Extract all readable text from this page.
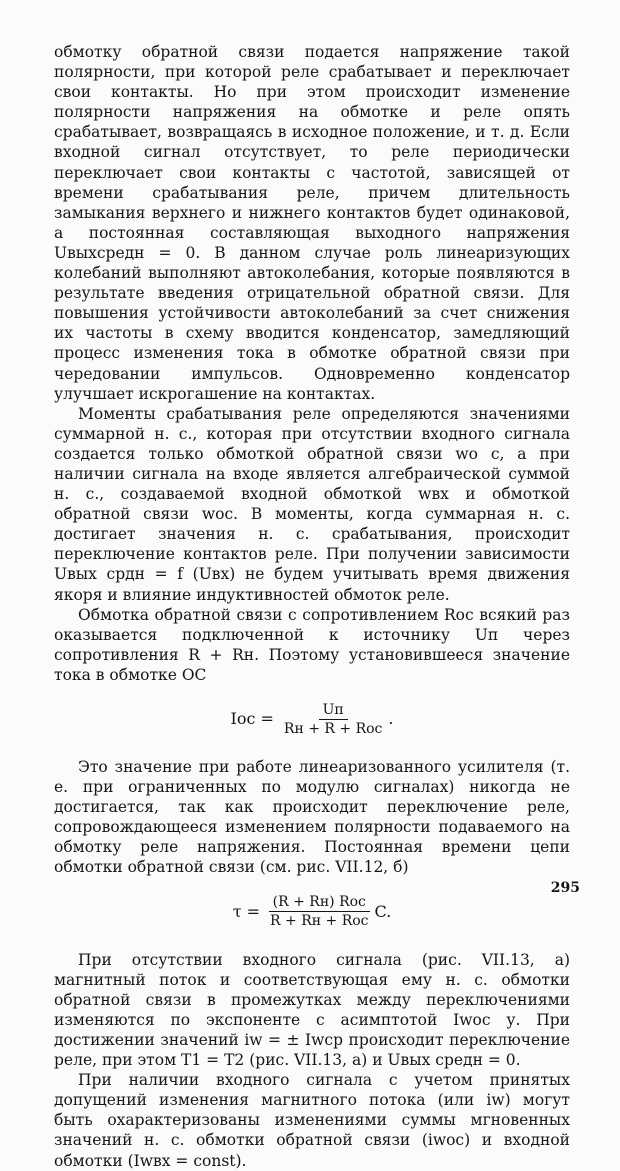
обмотку обратной связи подается напряжение такой полярности, при которой реле срабатывает и переключает свои контакты. Но при этом происходит изменение полярности напряжения на обмотке и реле опять срабатывает, возвращаясь в исходное положение, и т. д. Если входной сигнал отсутствует, то реле периодически переключает свои контакты с частотой, зависящей от времени срабатывания реле, причем длительность замыкания верхнего и нижнего контактов будет одинаковой, а постоянная составляющая выходного напряжения Uвыхсредн = 0. В данном случае роль линеаризующих колебаний выполняют автоколебания, которые появляются в результате введения отрицательной обратной связи. Для повышения устойчивости автоколебаний за счет снижения их частоты в схему вводится конденсатор, замедляющий процесс изменения тока в обмотке обратной связи при чередовании импульсов. Одновременно конденсатор улучшает искрогашение на контактах.

Моменты срабатывания реле определяются значениями суммарной н. с., которая при отсутствии входного сигнала создается только обмоткой обратной связи wо с, а при наличии сигнала на входе является алгебраической суммой н. с., создаваемой входной обмоткой wвх и обмоткой обратной связи wос. В моменты, когда суммарная н. с. достигает значения н. с. срабатывания, происходит переключение контактов реле. При получении зависимости Uвых срдн = f (Uвх) не будем учитывать время движения якоря и влияние индуктивностей обмоток реле.

Обмотка обратной связи с сопротивлением Rос всякий раз оказывается подключенной к источнику Uп через сопротивления R + Rн. Поэтому установившееся значение тока в обмотке ОС

Iос = $\frac{Uп}{\text{Rн + R + Rос}}$ .

Это значение при работе линеаризованного усилителя (т. е. при ограниченных по модулю сигналах) никогда не достигается, так как происходит переключение реле, сопровождающееся изменением полярности подаваемого на обмотку реле напряжения. Постоянная времени цепи обмотки обратной связи (см. рис. VII.12, б)

$\tau = \frac{\text{(R + Rн) Rос}}{\text{R + Rн + Rос}} C$.

При отсутствии входного сигнала (рис. VII.13, а) магнитный поток и соответствующая ему н. с. обмотки обратной связи в промежутках между переключениями изменяются по экспоненте с асимптотой Iwос у. При достижении значений iw = ± Iwср происходит переключение реле, при этом T1 = T2 (рис. VII.13, а) и Uвых средн = 0.

При наличии входного сигнала с учетом принятых допущений изменения магнитного потока (или iw) могут быть охарактеризованы изменениями суммы мгновенных значений н. с. обмотки обратной связи (iwос) и входной обмотки (Iwвх = const).

295
